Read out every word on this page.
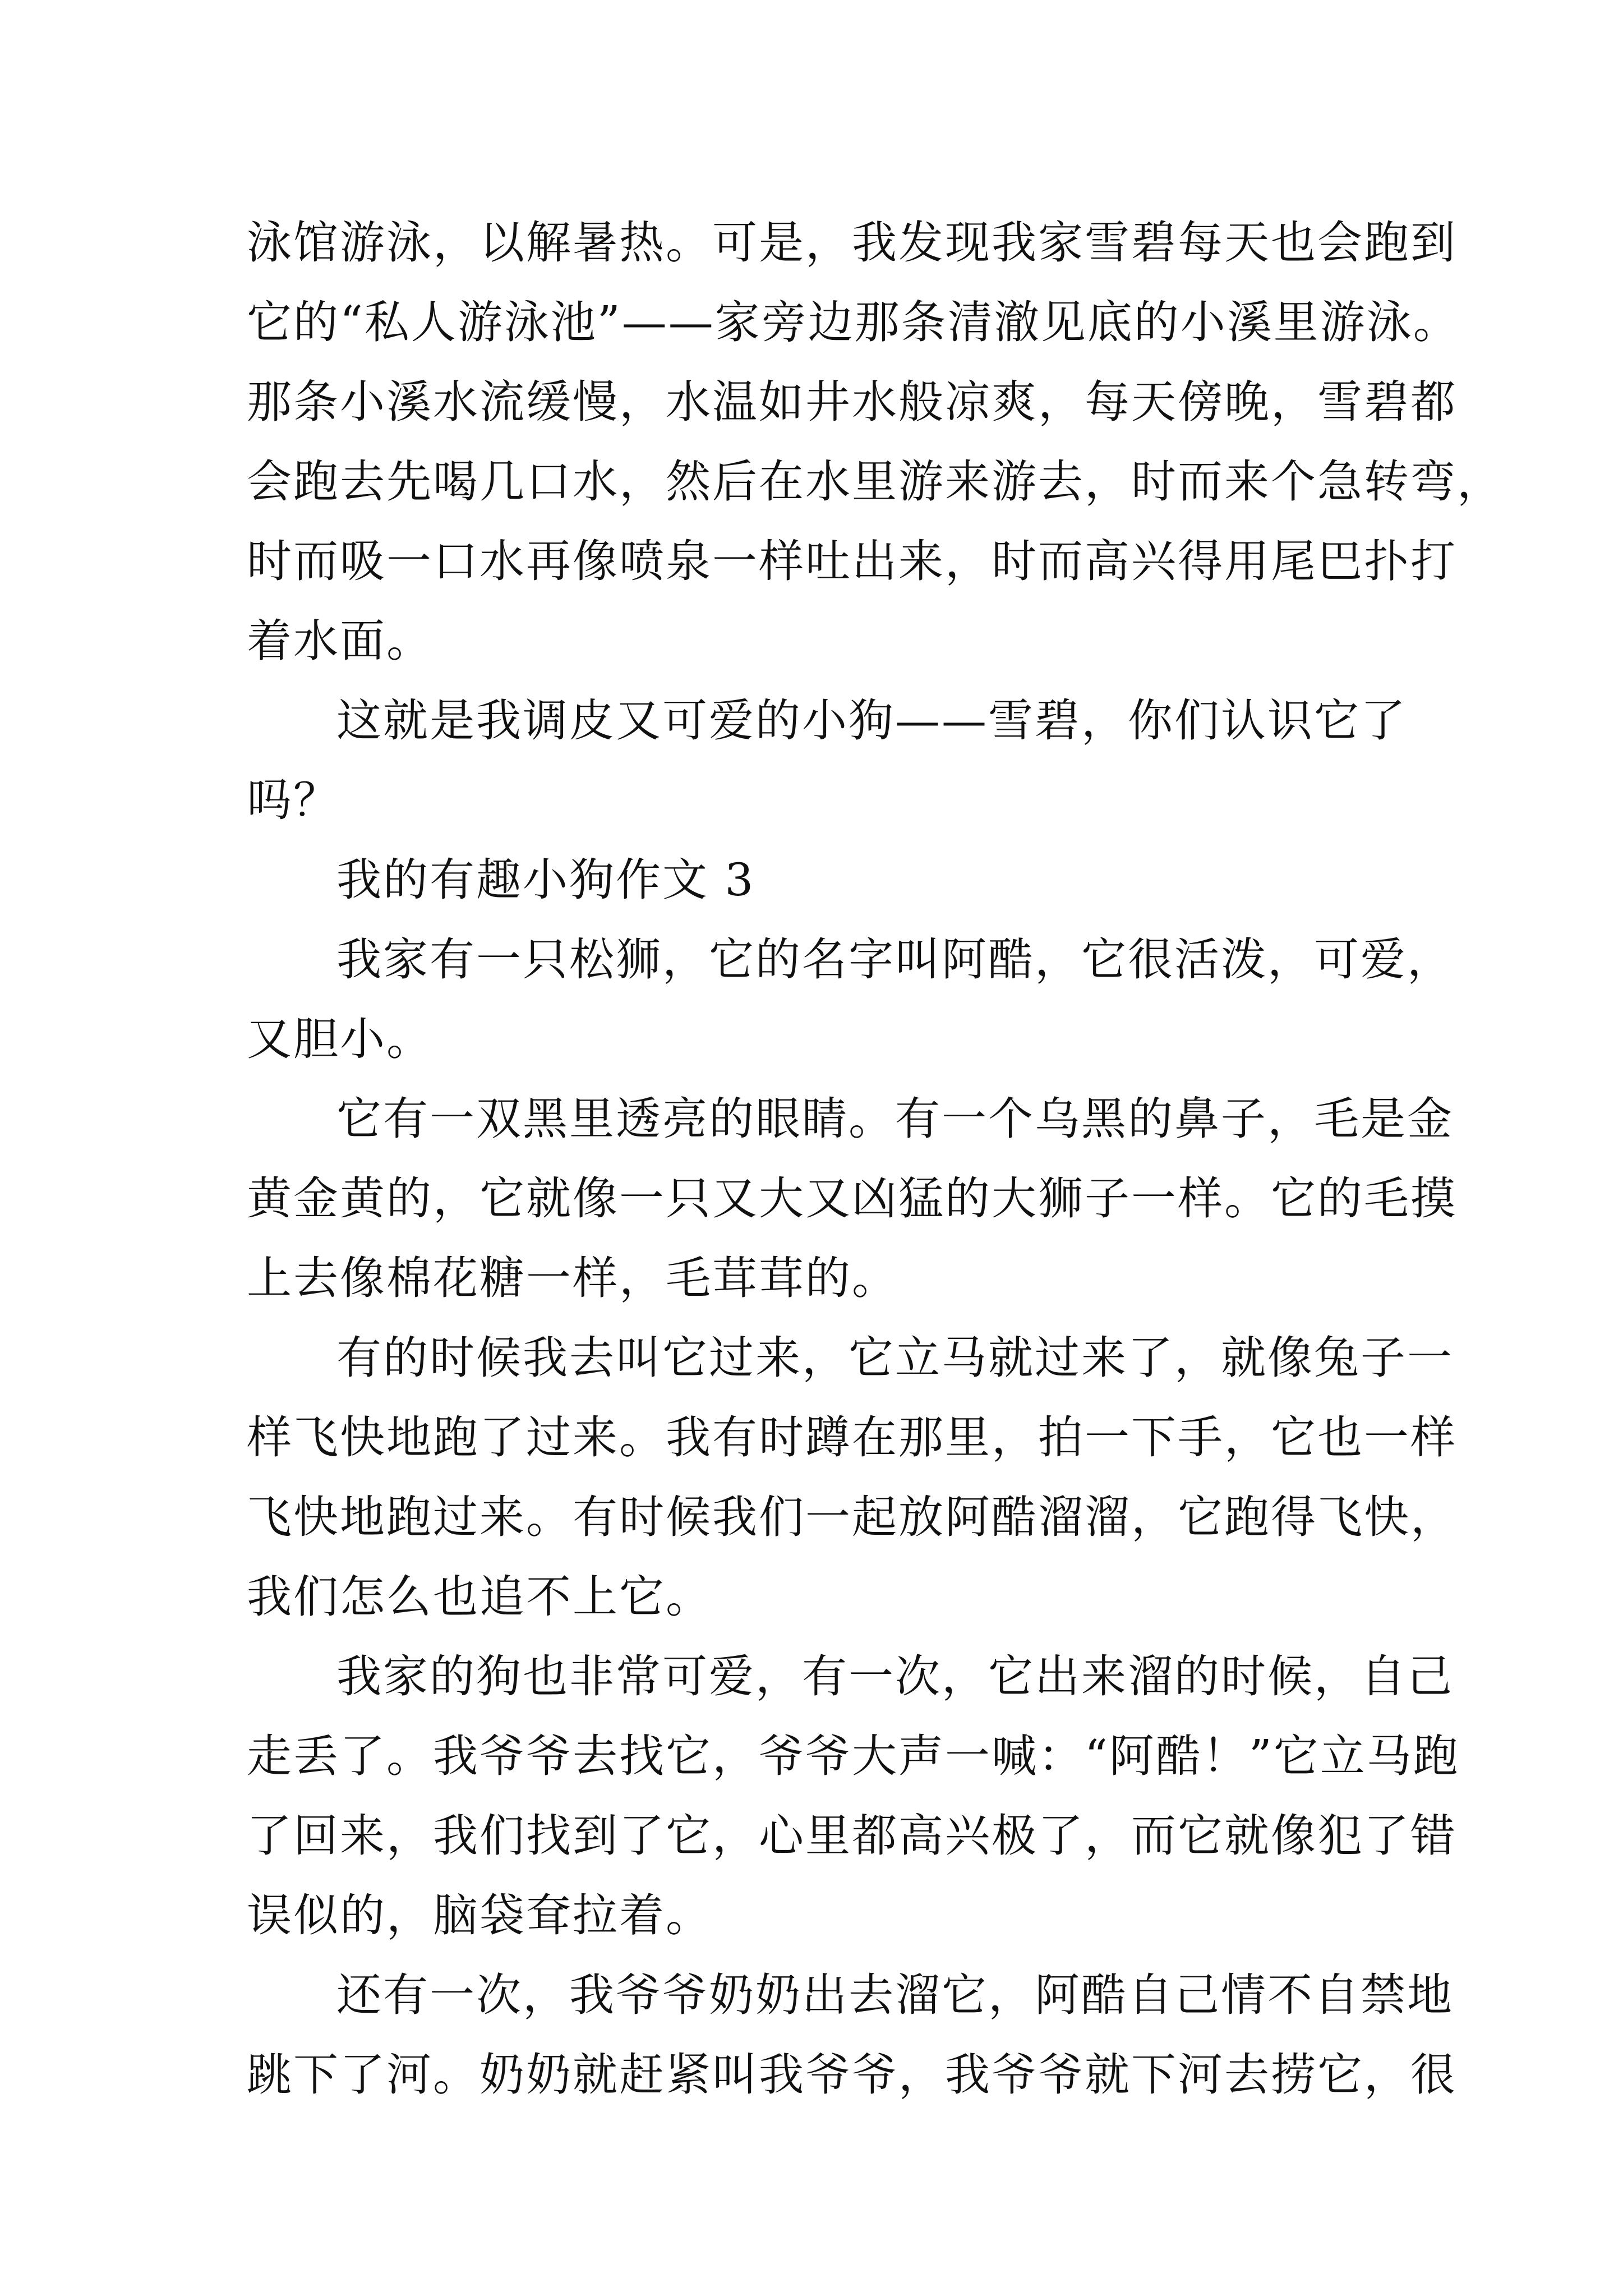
泳馆游泳，以解暑热。可是，我发现我家雪碧每天也会跑到
它的“私人游泳池”——家旁边那条清澈见底的小溪里游泳。
那条小溪水流缓慢，水温如井水般凉爽，每天傍晚，雪碧都
会跑去先喝几口水，然后在水里游来游去，时而来个急转弯，
时而吸一口水再像喷泉一样吐出来，时而高兴得用尾巴扑打
着水面。
这就是我调皮又可爱的小狗——雪碧，你们认识它了
吗？
我的有趣小狗作文 3
我家有一只松狮，它的名字叫阿酷，它很活泼，可爱，
又胆小。
它有一双黑里透亮的眼睛。有一个乌黑的鼻子，毛是金
黄金黄的，它就像一只又大又凶猛的大狮子一样。它的毛摸
上去像棉花糖一样，毛茸茸的。
有的时候我去叫它过来，它立马就过来了，就像兔子一
样飞快地跑了过来。我有时蹲在那里，拍一下手，它也一样
飞快地跑过来。有时候我们一起放阿酷溜溜，它跑得飞快，
我们怎么也追不上它。
我家的狗也非常可爱，有一次，它出来溜的时候，自己
走丢了。我爷爷去找它，爷爷大声一喊：“阿酷！”它立马跑
了回来，我们找到了它，心里都高兴极了，而它就像犯了错
误似的，脑袋耷拉着。
还有一次，我爷爷奶奶出去溜它，阿酷自己情不自禁地
跳下了河。奶奶就赶紧叫我爷爷，我爷爷就下河去捞它，很
